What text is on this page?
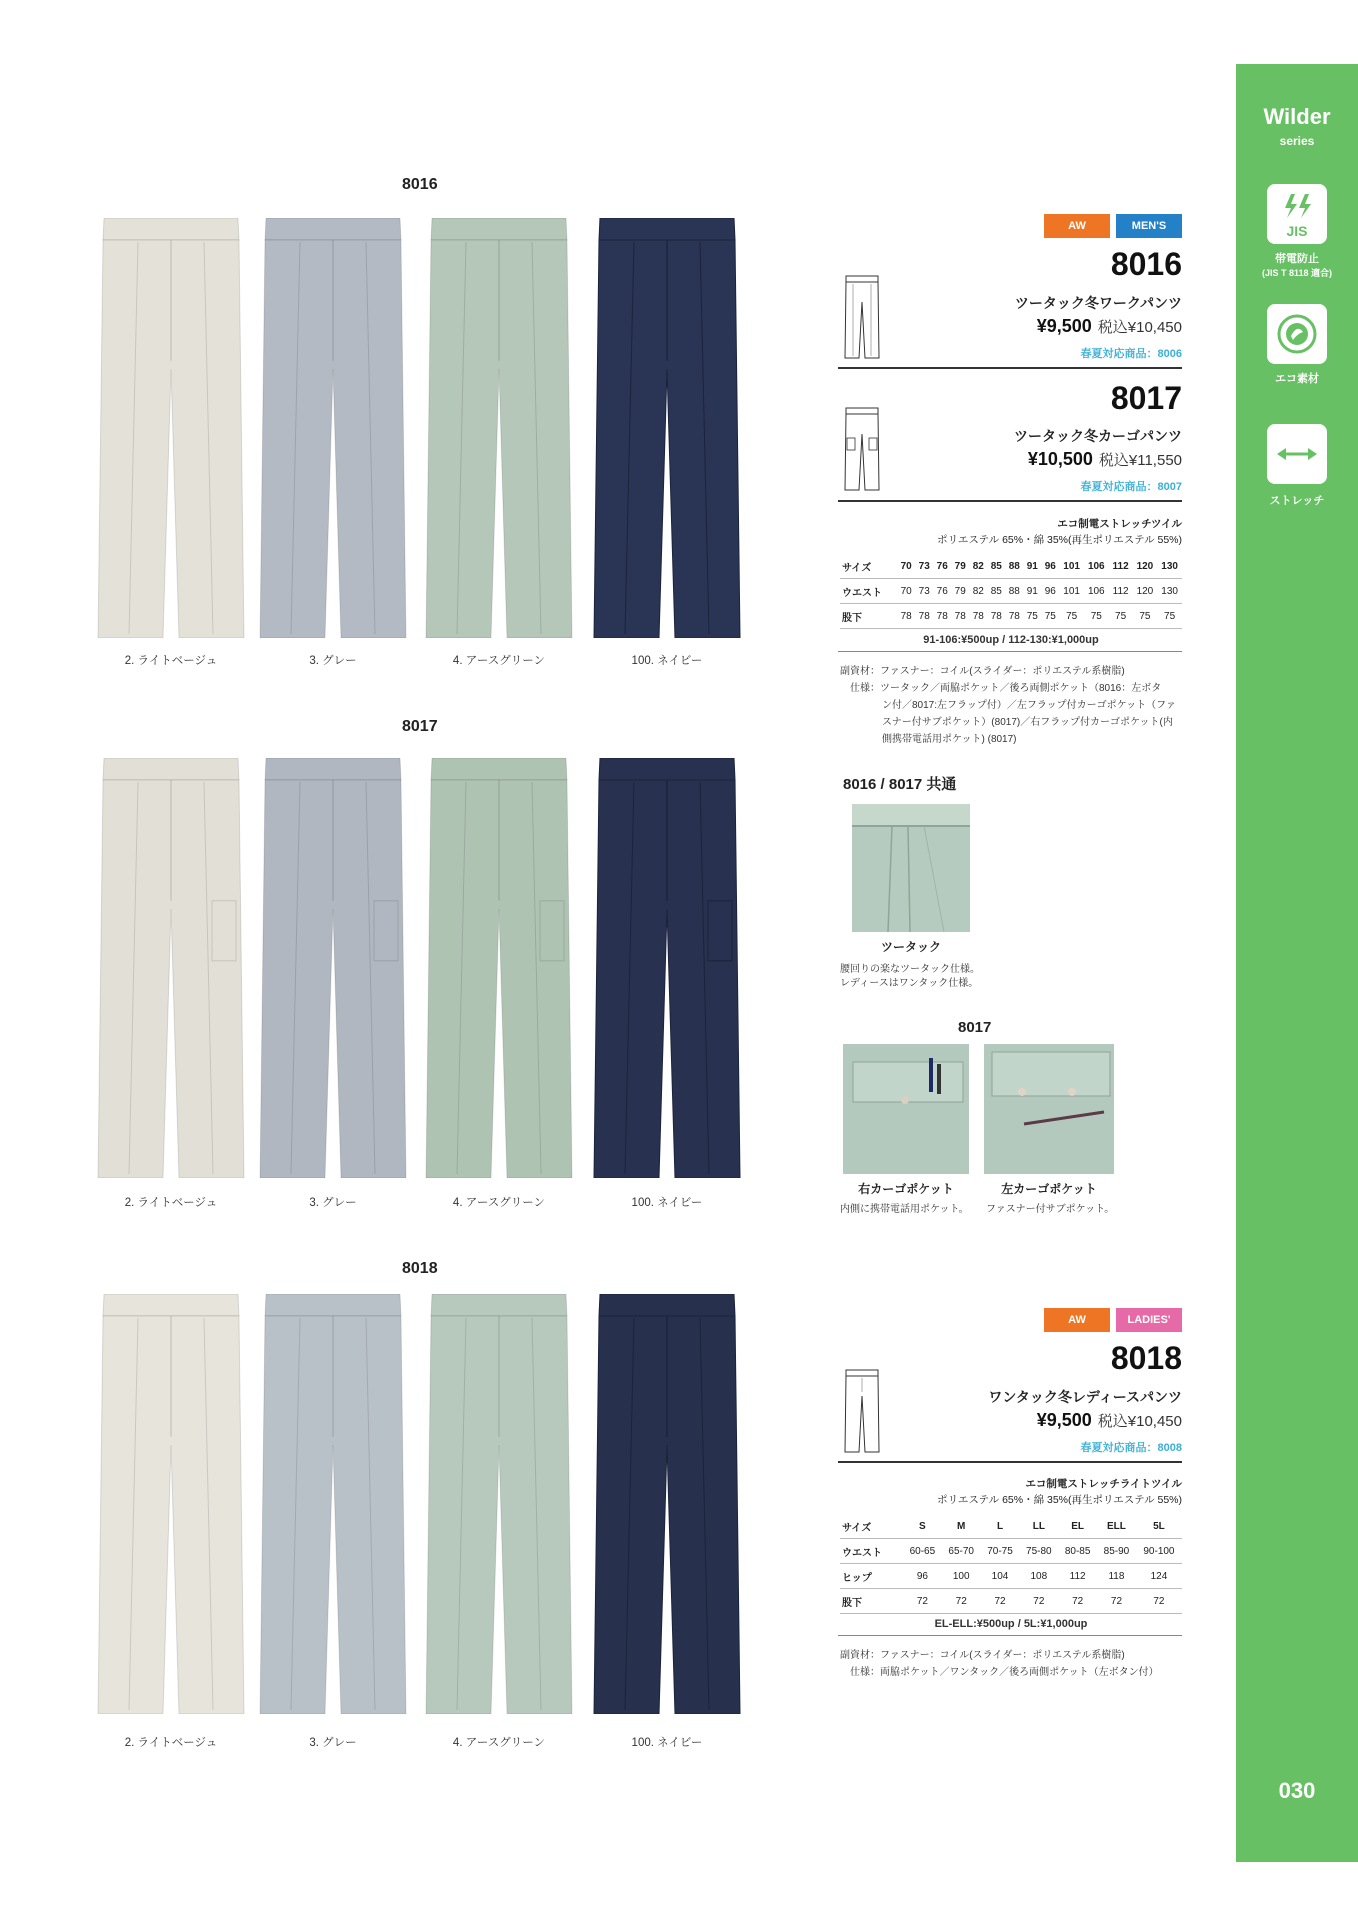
8016
2. ライトベージュ	3. グレー	4. アースグリーン	100. ネイビー
8017
2. ライトベージュ	3. グレー	4. アースグリーン	100. ネイビー
8018
2. ライトベージュ	3. グレー	4. アースグリーン	100. ネイビー
Wilder
series
JIS
帯電防止
(JIS T 8118 適合)
エコ素材
ストレッチ
030
AW	MEN'S
8016
ツータック冬ワークパンツ
¥9,500 税込¥10,450
春夏対応商品：8006
8017
ツータック冬カーゴパンツ
¥10,500 税込¥11,550
春夏対応商品：8007
エコ制電ストレッチツイル
ポリエステル 65%・綿 35%(再生ポリエステル 55%)
サイズ	70	73	76	79	82	85	88	91	96	101	106	112	120	130
ウエスト	70	73	76	79	82	85	88	91	96	101	106	112	120	130
股下	78	78	78	78	78	78	78	75	75	75	75	75	75	75
91-106:¥500up / 112-130:¥1,000up
副資材：ファスナー：コイル(スライダー：ポリエステル系樹脂)
仕様：ツータック／両脇ポケット／後ろ両側ポケット（8016：左ボタ
ン付／8017:左フラップ付）／左フラップ付カーゴポケット（ファ
スナー付サブポケット）(8017)／右フラップ付カーゴポケット(内
側携帯電話用ポケット) (8017)
8016 / 8017 共通
ツータック
腰回りの楽なツータック仕様。
レディースはワンタック仕様。
8017
右カーゴポケット	左カーゴポケット
内側に携帯電話用ポケット。 ファスナー付サブポケット。
AW	LADIES'
8018
ワンタック冬レディースパンツ
¥9,500 税込¥10,450
春夏対応商品：8008
エコ制電ストレッチライトツイル
ポリエステル 65%・綿 35%(再生ポリエステル 55%)
サイズ	S	M	L	LL	EL	ELL	5L
ウエスト	60-65	65-70	70-75	75-80	80-85	85-90	90-100
ヒップ	96	100	104	108	112	118	124
股下	72	72	72	72	72	72	72
EL-ELL:¥500up / 5L:¥1,000up
副資材：ファスナー：コイル(スライダー：ポリエステル系樹脂)
仕様：両脇ポケット／ワンタック／後ろ両側ポケット（左ボタン付）
